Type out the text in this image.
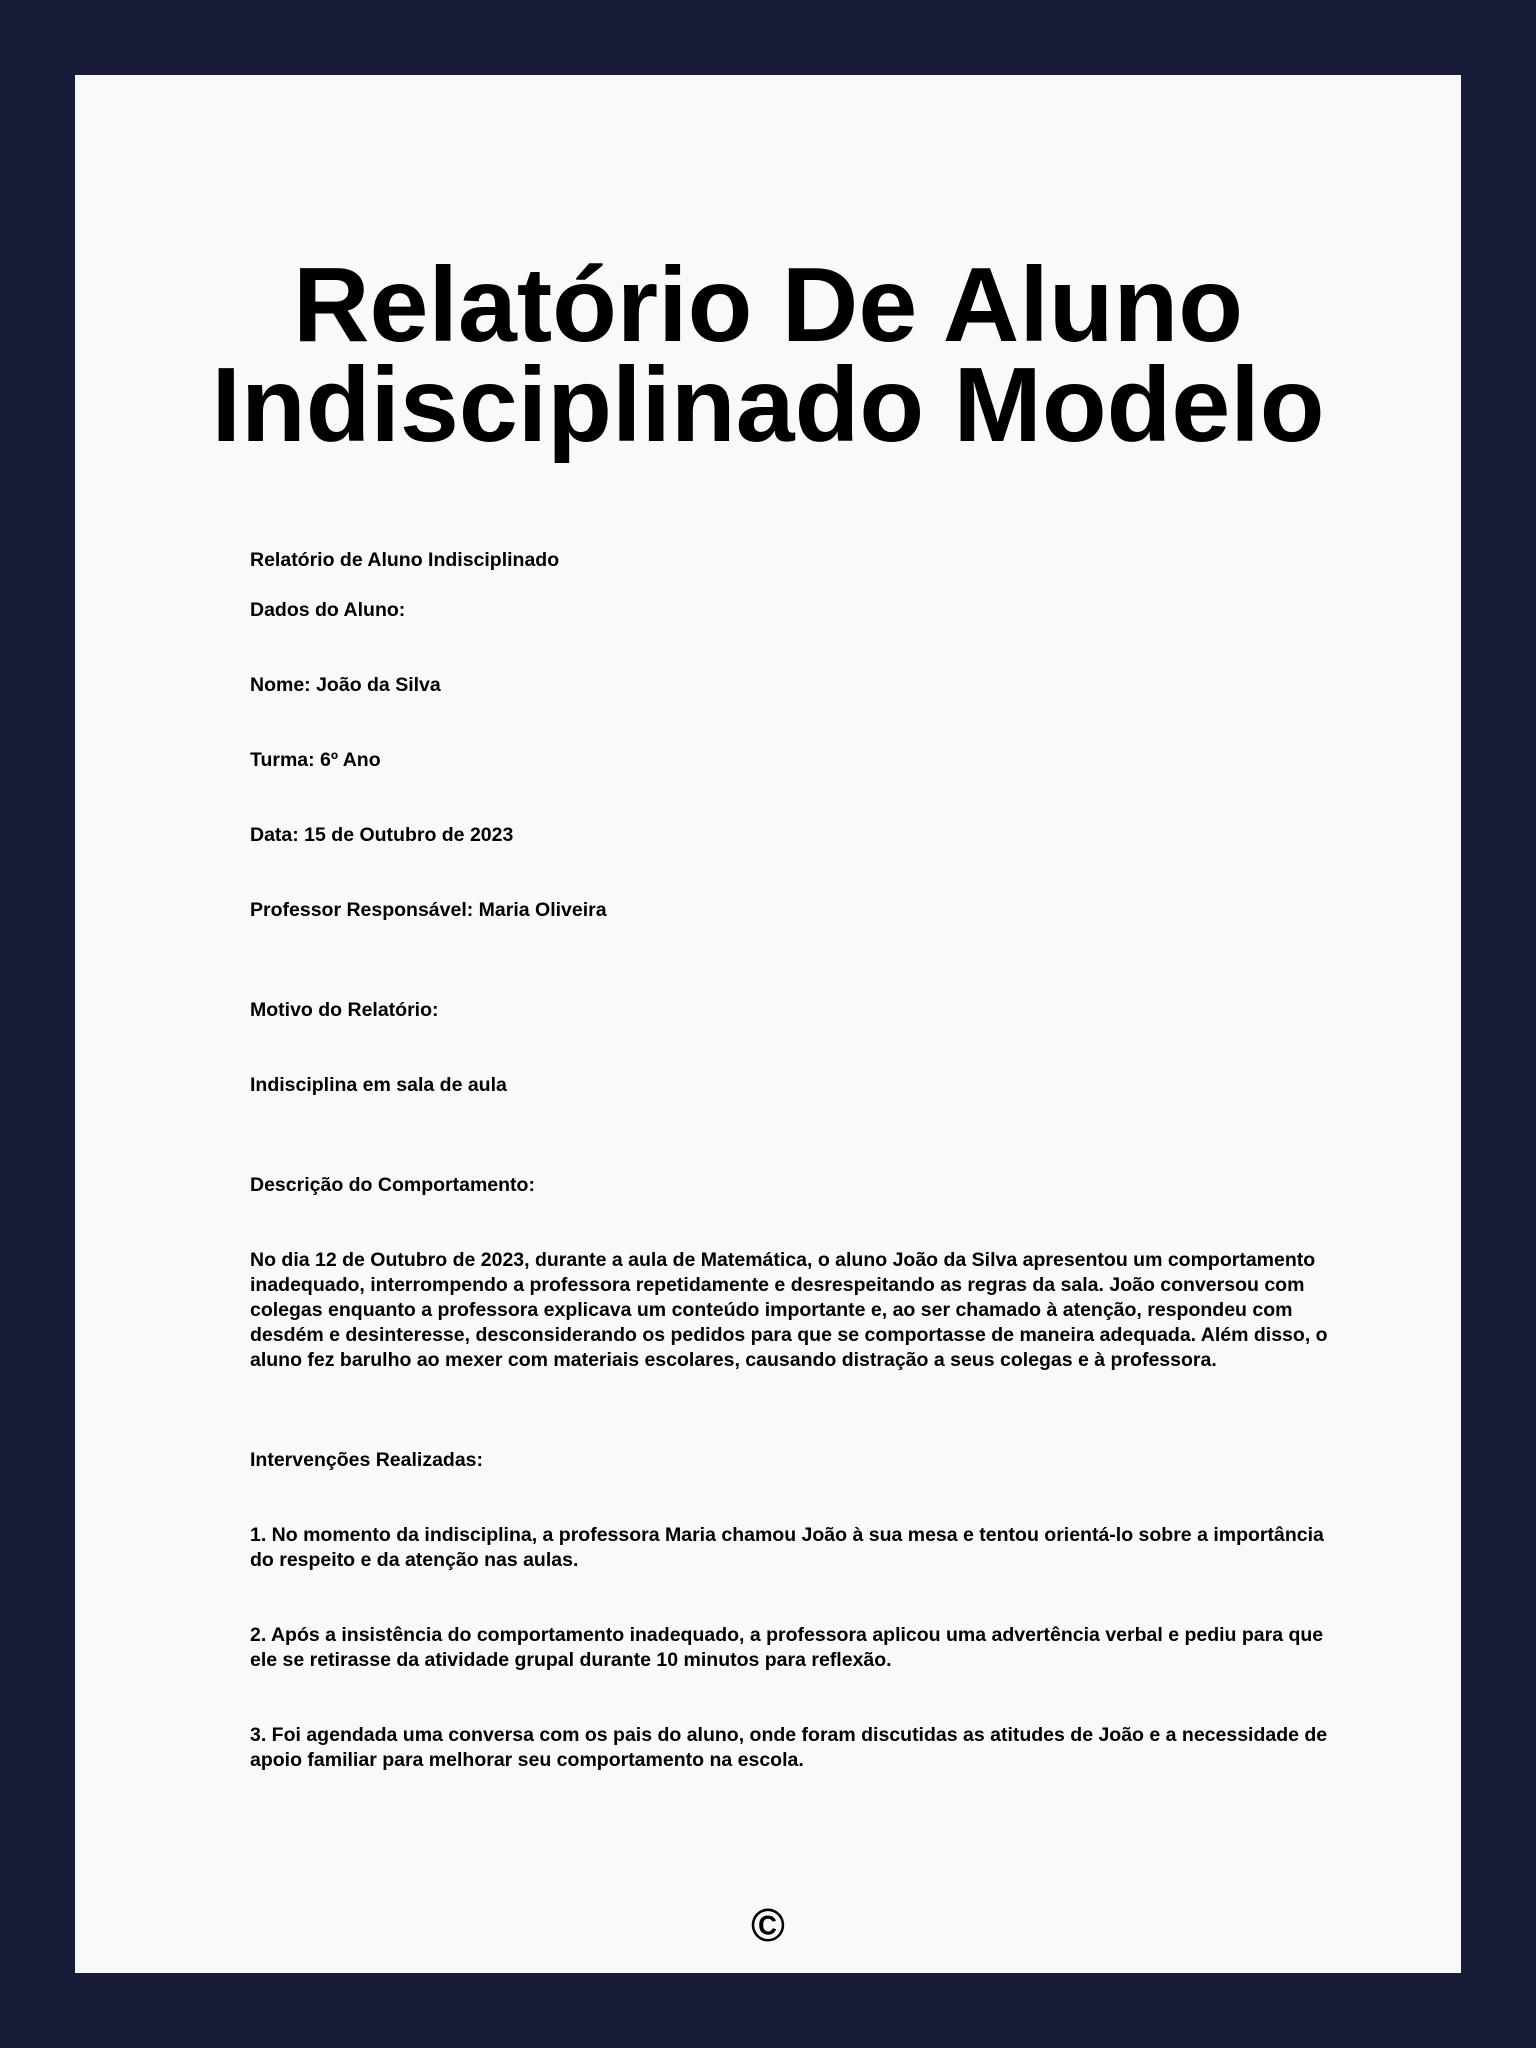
Relatório De Aluno Indisciplinado Modelo

Relatório de Aluno Indisciplinado

Dados do Aluno:

Nome: João da Silva

Turma: 6º Ano

Data: 15 de Outubro de 2023

Professor Responsável: Maria Oliveira

Motivo do Relatório:

Indisciplina em sala de aula

Descrição do Comportamento:

No dia 12 de Outubro de 2023, durante a aula de Matemática, o aluno João da Silva apresentou um comportamento inadequado, interrompendo a professora repetidamente e desrespeitando as regras da sala. João conversou com colegas enquanto a professora explicava um conteúdo importante e, ao ser chamado à atenção, respondeu com desdém e desinteresse, desconsiderando os pedidos para que se comportasse de maneira adequada. Além disso, o aluno fez barulho ao mexer com materiais escolares, causando distração a seus colegas e à professora.

Intervenções Realizadas:

1. No momento da indisciplina, a professora Maria chamou João à sua mesa e tentou orientá-lo sobre a importância do respeito e da atenção nas aulas.

2. Após a insistência do comportamento inadequado, a professora aplicou uma advertência verbal e pediu para que ele se retirasse da atividade grupal durante 10 minutos para reflexão.

3. Foi agendada uma conversa com os pais do aluno, onde foram discutidas as atitudes de João e a necessidade de apoio familiar para melhorar seu comportamento na escola.

©
